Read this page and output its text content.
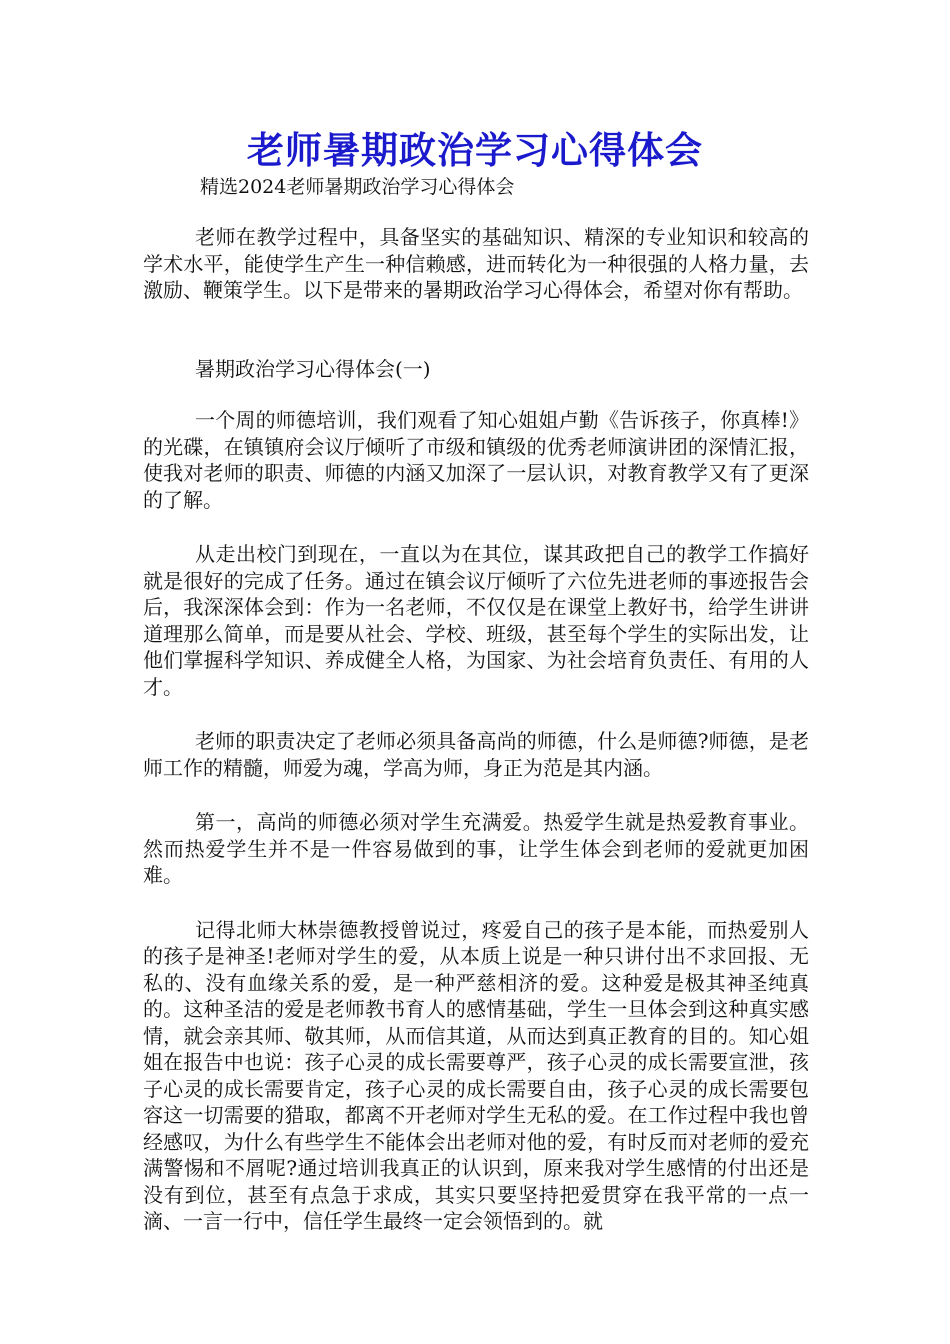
老师暑期政治学习心得体会
精选2024老师暑期政治学习心得体会

老师在教学过程中，具备坚实的基础知识、精深的专业知识和较高的学术水平，能使学生产生一种信赖感，进而转化为一种很强的人格力量，去激励、鞭策学生。以下是带来的暑期政治学习心得体会，希望对你有帮助。

暑期政治学习心得体会(一)

一个周的师德培训，我们观看了知心姐姐卢勤《告诉孩子，你真棒!》的光碟，在镇镇府会议厅倾听了市级和镇级的优秀老师演讲团的深情汇报，使我对老师的职责、师德的内涵又加深了一层认识，对教育教学又有了更深的了解。

从走出校门到现在，一直以为在其位，谋其政把自己的教学工作搞好就是很好的完成了任务。通过在镇会议厅倾听了六位先进老师的事迹报告会后，我深深体会到：作为一名老师，不仅仅是在课堂上教好书，给学生讲讲道理那么简单，而是要从社会、学校、班级，甚至每个学生的实际出发，让他们掌握科学知识、养成健全人格，为国家、为社会培育负责任、有用的人才。

老师的职责决定了老师必须具备高尚的师德，什么是师德?师德，是老师工作的精髓，师爱为魂，学高为师，身正为范是其内涵。

第一，高尚的师德必须对学生充满爱。热爱学生就是热爱教育事业。然而热爱学生并不是一件容易做到的事，让学生体会到老师的爱就更加困难。

记得北师大林崇德教授曾说过，疼爱自己的孩子是本能，而热爱别人的孩子是神圣!老师对学生的爱，从本质上说是一种只讲付出不求回报、无私的、没有血缘关系的爱，是一种严慈相济的爱。这种爱是极其神圣纯真的。这种圣洁的爱是老师教书育人的感情基础，学生一旦体会到这种真实感情，就会亲其师、敬其师，从而信其道，从而达到真正教育的目的。知心姐姐在报告中也说：孩子心灵的成长需要尊严，孩子心灵的成长需要宣泄，孩子心灵的成长需要肯定，孩子心灵的成长需要自由，孩子心灵的成长需要包容这一切需要的猎取，都离不开老师对学生无私的爱。在工作过程中我也曾经感叹，为什么有些学生不能体会出老师对他的爱，有时反而对老师的爱充满警惕和不屑呢?通过培训我真正的认识到，原来我对学生感情的付出还是没有到位，甚至有点急于求成，其实只要坚持把爱贯穿在我平常的一点一滴、一言一行中，信任学生最终一定会领悟到的。就
